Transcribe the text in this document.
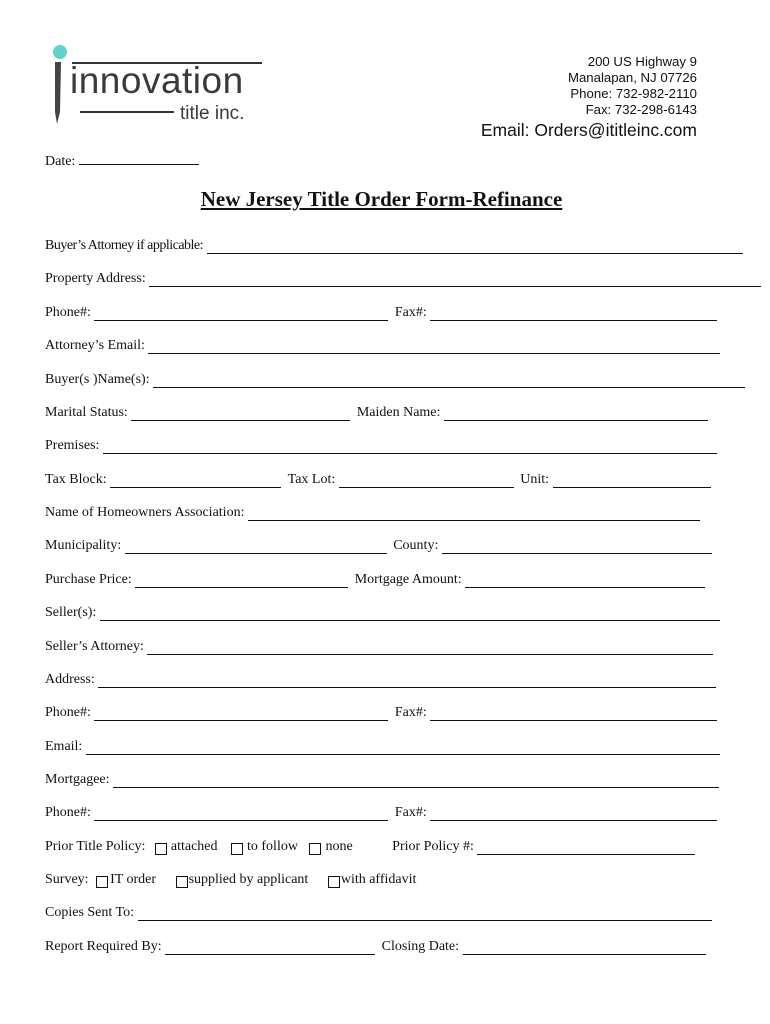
innovation
title inc.
200 US Highway 9
Manalapan, NJ 07726
Phone: 732-982-2110
Fax: 732-298-6143
Email: Orders@ititleinc.com
Date:
New Jersey Title Order Form-Refinance
Buyer’s Attorney if applicable:
Property Address:
Phone#:	Fax#:
Attorney’s Email:
Buyer(s )Name(s):
Marital Status:	Maiden Name:
Premises:
Tax Block:	Tax Lot:	Unit:
Name of Homeowners Association:
Municipality:	County:
Purchase Price:	Mortgage Amount:
Seller(s):
Seller’s Attorney:
Address:
Phone#:	Fax#:
Email:
Mortgagee:
Phone#:	Fax#:
Prior Title Policy: attached to follow none	Prior Policy #:
Survey: IT order supplied by applicant with affidavit
Copies Sent To:
Report Required By:	Closing Date:
